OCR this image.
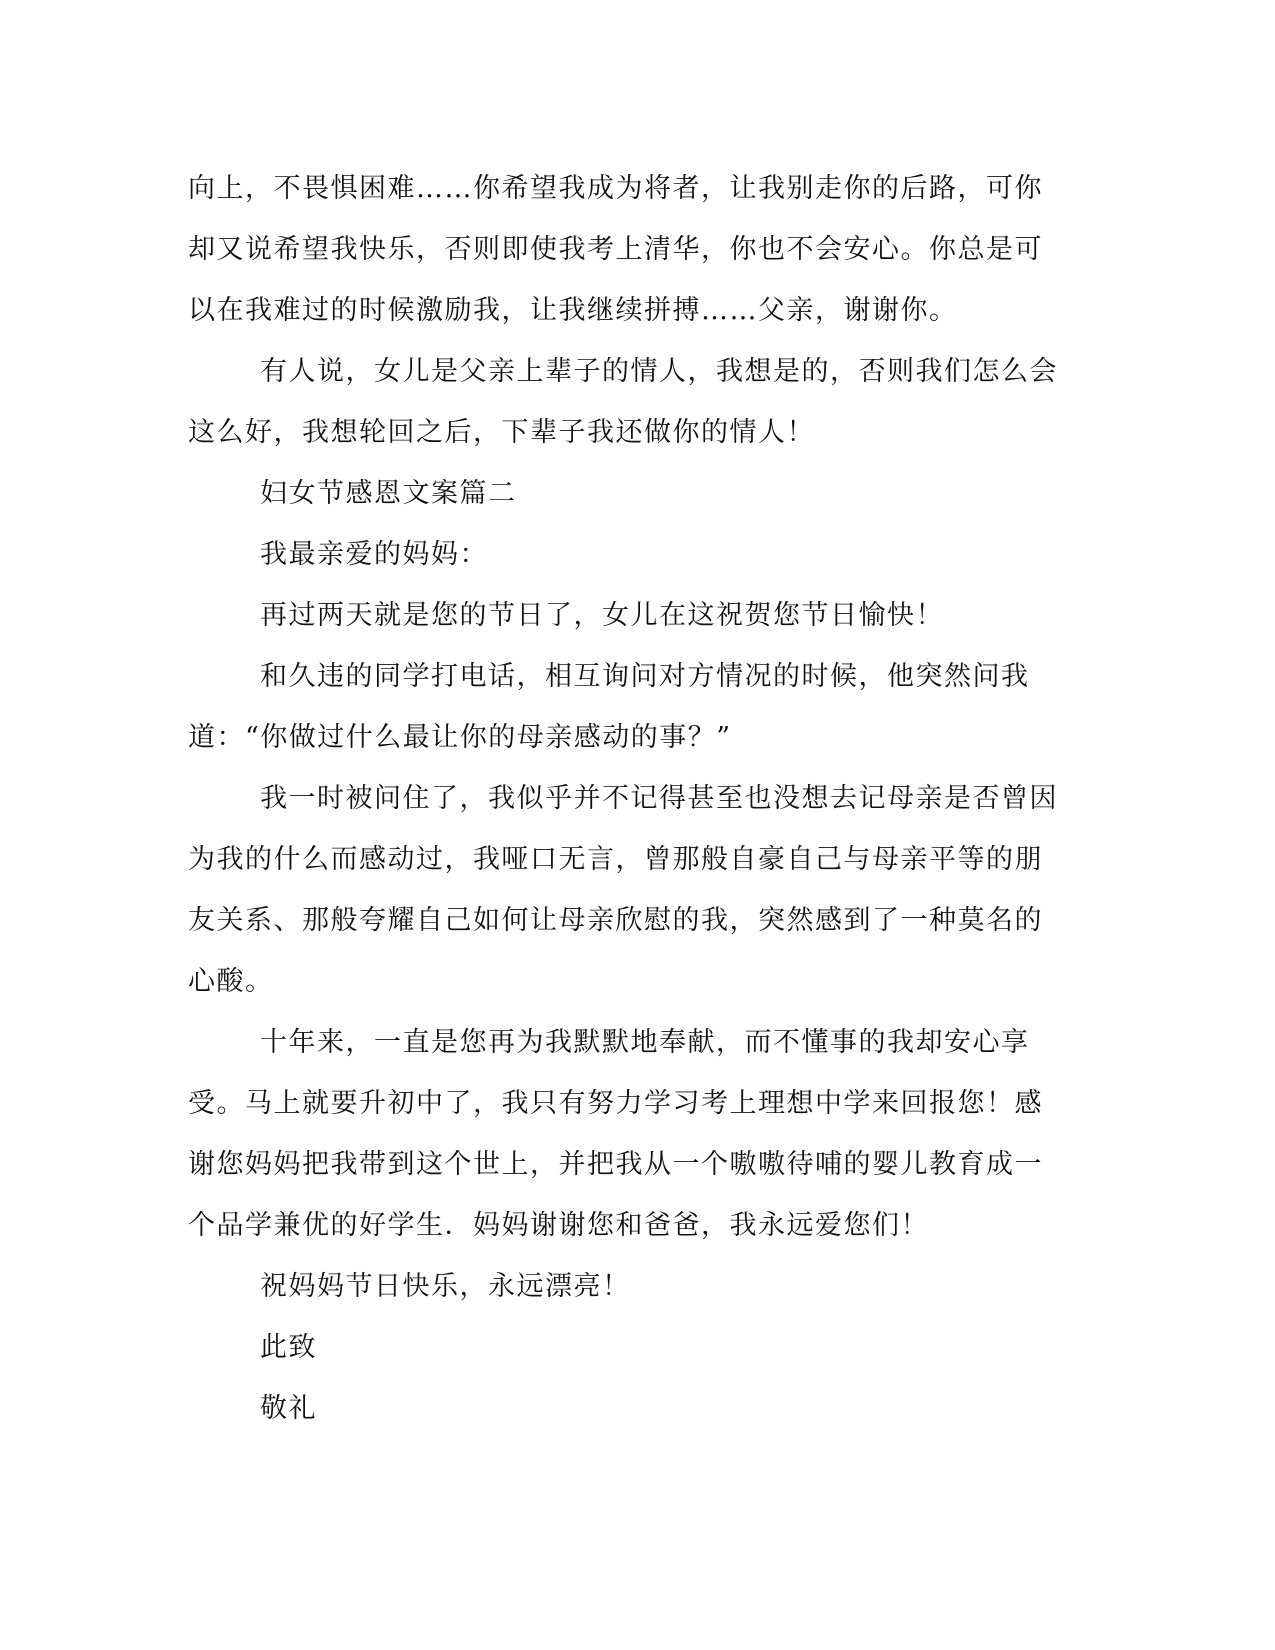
向上，不畏惧困难……你希望我成为将者，让我别走你的后路，可你却又说希望我快乐，否则即使我考上清华，你也不会安心。你总是可以在我难过的时候激励我，让我继续拼搏……父亲，谢谢你。

有人说，女儿是父亲上辈子的情人，我想是的，否则我们怎么会这么好，我想轮回之后，下辈子我还做你的情人！

妇女节感恩文案篇二

我最亲爱的妈妈：

再过两天就是您的节日了，女儿在这祝贺您节日愉快！

和久违的同学打电话，相互询问对方情况的时候，他突然问我道：“你做过什么最让你的母亲感动的事？”

我一时被问住了，我似乎并不记得甚至也没想去记母亲是否曾因为我的什么而感动过，我哑口无言，曾那般自豪自己与母亲平等的朋友关系、那般夸耀自己如何让母亲欣慰的我，突然感到了一种莫名的心酸。

十年来，一直是您再为我默默地奉献，而不懂事的我却安心享受。马上就要升初中了，我只有努力学习考上理想中学来回报您！感谢您妈妈把我带到这个世上，并把我从一个嗷嗷待哺的婴儿教育成一个品学兼优的好学生．妈妈谢谢您和爸爸，我永远爱您们！

祝妈妈节日快乐，永远漂亮！

此致

敬礼
